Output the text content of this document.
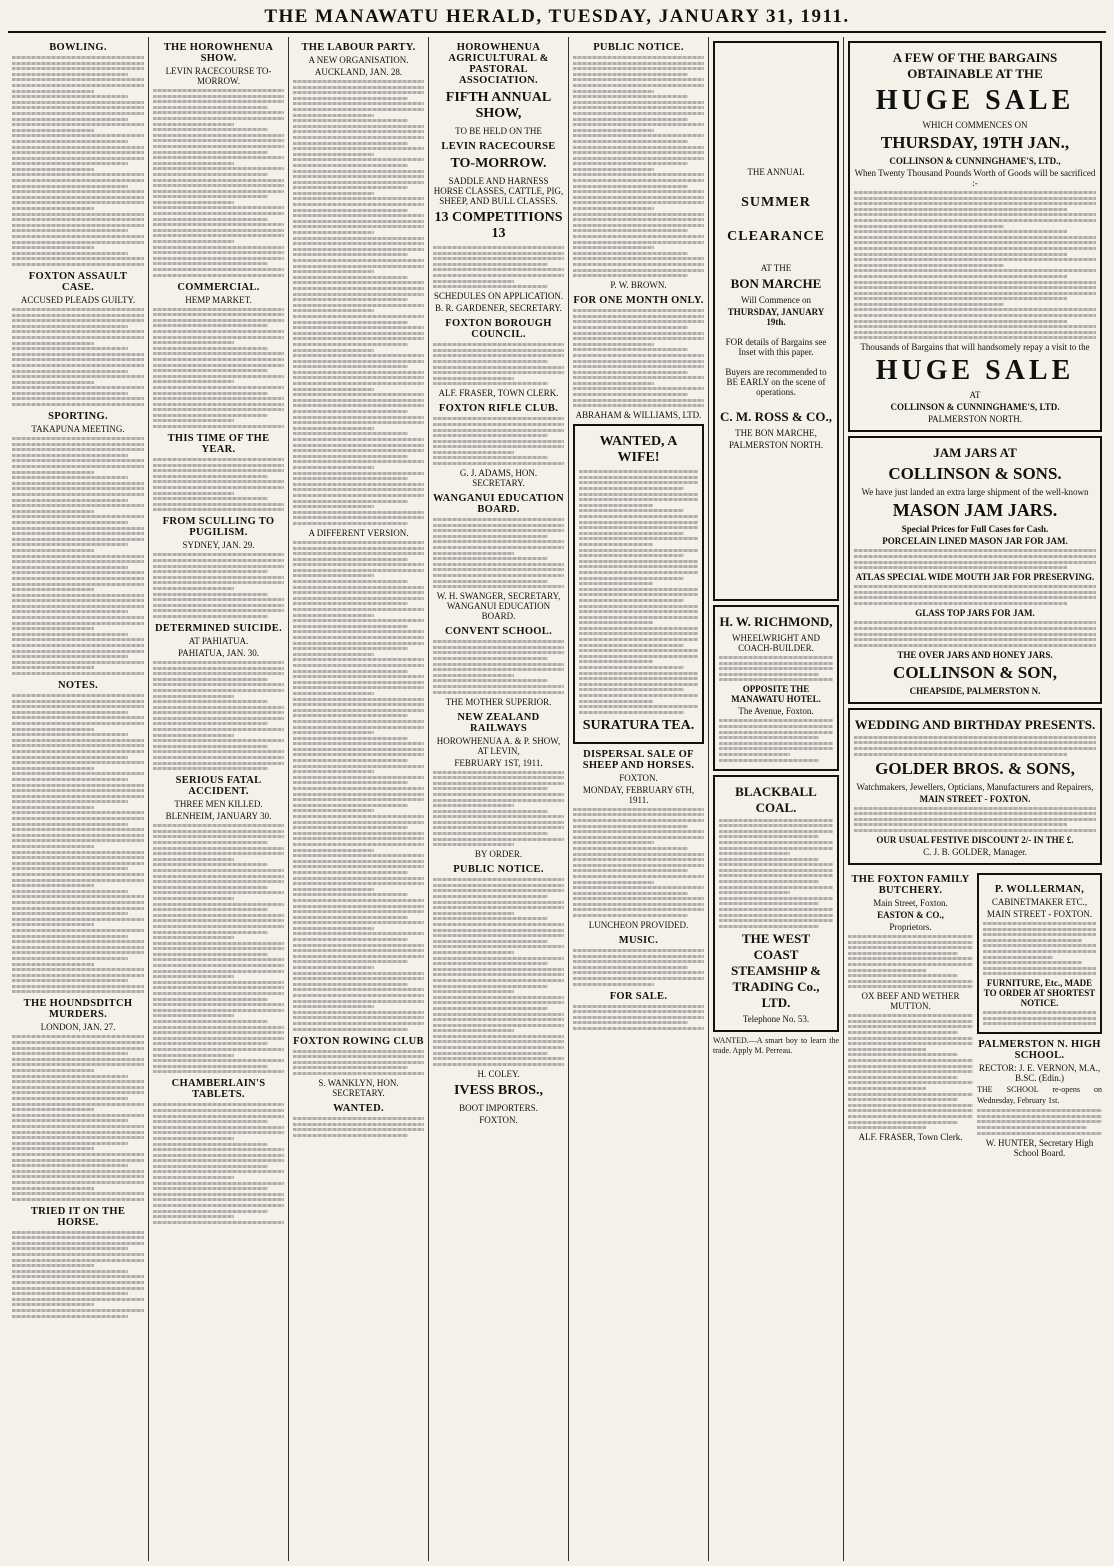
THE MANAWATU HERALD, TUESDAY, JANUARY 31, 1911.
BOWLING.
FOXTON ASSAULT CASE.
ACCUSED PLEADS GUILTY.
SPORTING.
TAKAPUNA MEETING.
NOTES.
THE HOUNDSDITCH MURDERS.
LONDON, JAN. 27.
TRIED IT ON THE HORSE.
THE HOROWHENUA SHOW.
LEVIN RACECOURSE TO-MORROW.
COMMERCIAL.
HEMP MARKET.
THIS TIME OF THE YEAR.
FROM SCULLING TO PUGILISM.
SYDNEY, JAN. 29.
DETERMINED SUICIDE.
AT PAHIATUA.
PAHIATUA, JAN. 30.
SERIOUS FATAL ACCIDENT.
THREE MEN KILLED.
BLENHEIM, JANUARY 30.
CHAMBERLAIN'S TABLETS.
THE LABOUR PARTY.
A NEW ORGANISATION.
AUCKLAND, JAN. 28.
A DIFFERENT VERSION.
FOXTON ROWING CLUB
S. WANKLYN, HON. SECRETARY.
WANTED.
HOROWHENUA AGRICULTURAL & PASTORAL ASSOCIATION.
FIFTH ANNUAL SHOW,
TO BE HELD ON THE
LEVIN RACECOURSE
TO-MORROW.
SADDLE AND HARNESS HORSE CLASSES, CATTLE, PIG, SHEEP, AND BULL CLASSES.
13 COMPETITIONS 13
SCHEDULES ON APPLICATION.
B. R. GARDENER, SECRETARY.
FOXTON BOROUGH COUNCIL.
ALF. FRASER, TOWN CLERK.
FOXTON RIFLE CLUB.
G. J. ADAMS, HON. SECRETARY.
WANGANUI EDUCATION BOARD.
W. H. SWANGER, SECRETARY, WANGANUI EDUCATION BOARD.
CONVENT SCHOOL.
THE MOTHER SUPERIOR.
NEW ZEALAND RAILWAYS
HOROWHENUA A. & P. SHOW, AT LEVIN,
FEBRUARY 1ST, 1911.
BY ORDER.
PUBLIC NOTICE.
H. COLEY.
IVESS BROS.,
BOOT IMPORTERS.
FOXTON.
PUBLIC NOTICE.
P. W. BROWN.
FOR ONE MONTH ONLY.
ABRAHAM & WILLIAMS, LTD.
WANTED, A WIFE!
SURATURA TEA.
DISPERSAL SALE OF SHEEP AND HORSES.
FOXTON.
MONDAY, FEBRUARY 6TH, 1911.
LUNCHEON PROVIDED.
MUSIC.
FOR SALE.
THE ANNUAL
SUMMER
CLEARANCE
AT THE
BON MARCHE
Will Commence on
THURSDAY, JANUARY 19th.
FOR details of Bargains see Inset with this paper.
Buyers are recommended to BE EARLY on the scene of operations.
C. M. ROSS & CO.,
THE BON MARCHE,
PALMERSTON NORTH.
H. W. RICHMOND,
WHEELWRIGHT AND COACH-BUILDER.
OPPOSITE THE MANAWATU HOTEL.
The Avenue, Foxton.
BLACKBALL COAL.
THE WEST COAST STEAMSHIP & TRADING Co., LTD.
Telephone No. 53.
WANTED.—A smart boy to learn the trade. Apply M. Perreau.
A FEW OF THE BARGAINS OBTAINABLE AT THE
HUGE SALE
WHICH COMMENCES ON
THURSDAY, 19TH JAN.,
COLLINSON & CUNNINGHAME'S, LTD.,
When Twenty Thousand Pounds Worth of Goods will be sacrificed :-
Thousands of Bargains that will handsomely repay a visit to the
HUGE SALE
AT
COLLINSON & CUNNINGHAME'S, LTD.
PALMERSTON NORTH.
JAM JARS AT
COLLINSON & SONS.
We have just landed an extra large shipment of the well-known
MASON JAM JARS.
Special Prices for Full Cases for Cash.
PORCELAIN LINED MASON JAR FOR JAM.
ATLAS SPECIAL WIDE MOUTH JAR FOR PRESERVING.
GLASS TOP JARS FOR JAM.
THE OVER JARS AND HONEY JARS.
COLLINSON & SON,
CHEAPSIDE, PALMERSTON N.
WEDDING AND BIRTHDAY PRESENTS.
GOLDER BROS. & SONS,
Watchmakers, Jewellers, Opticians, Manufacturers and Repairers,
MAIN STREET - FOXTON.
OUR USUAL FESTIVE DISCOUNT 2/- IN THE £.
C. J. B. GOLDER, Manager.
THE FOXTON FAMILY BUTCHERY.
Main Street, Foxton.
EASTON & CO.,
Proprietors.
OX BEEF AND WETHER MUTTON.
ALF. FRASER, Town Clerk.
P. WOLLERMAN,
CABINETMAKER ETC.,
MAIN STREET - FOXTON.
FURNITURE, Etc., MADE TO ORDER AT SHORTEST NOTICE.
PALMERSTON N. HIGH SCHOOL.
RECTOR: J. E. VERNON, M.A., B.SC. (Edin.)
THE SCHOOL re-opens on Wednesday, February 1st.
W. HUNTER, Secretary High School Board.
